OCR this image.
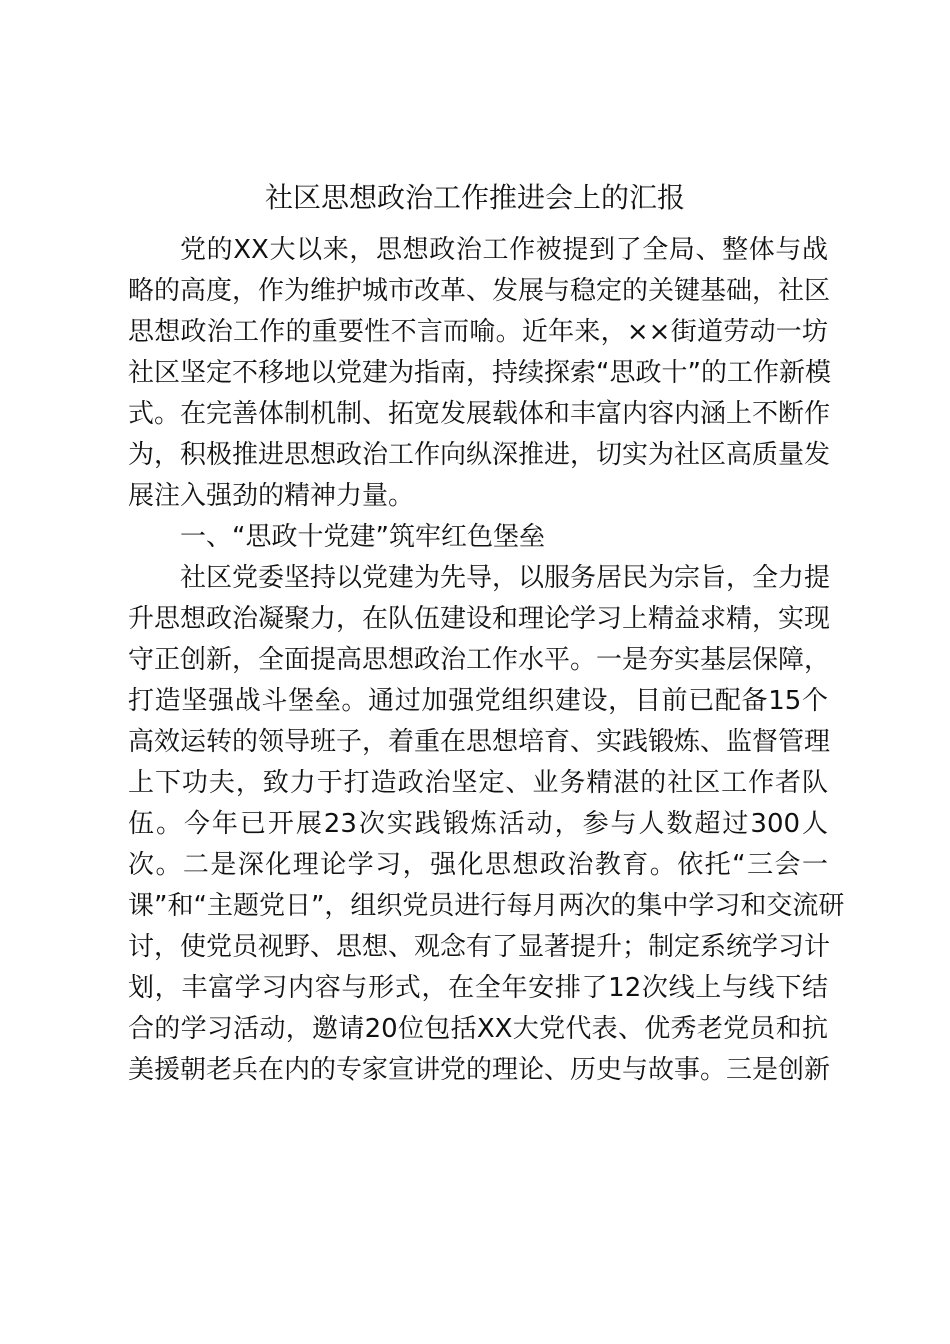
社区思想政治工作推进会上的汇报
党的XX大以来，思想政治工作被提到了全局、整体与战
略的高度，作为维护城市改革、发展与稳定的关键基础，社区
思想政治工作的重要性不言而喻。近年来，××街道劳动一坊
社区坚定不移地以党建为指南，持续探索“思政十”的工作新模
式。在完善体制机制、拓宽发展载体和丰富内容内涵上不断作
为，积极推进思想政治工作向纵深推进，切实为社区高质量发
展注入强劲的精神力量。
一、“思政十党建”筑牢红色堡垒
社区党委坚持以党建为先导，以服务居民为宗旨，全力提
升思想政治凝聚力，在队伍建设和理论学习上精益求精，实现
守正创新，全面提高思想政治工作水平。一是夯实基层保障，
打造坚强战斗堡垒。通过加强党组织建设，目前已配备15个
高效运转的领导班子，着重在思想培育、实践锻炼、监督管理
上下功夫，致力于打造政治坚定、业务精湛的社区工作者队
伍。今年已开展23次实践锻炼活动，参与人数超过300人
次。二是深化理论学习，强化思想政治教育。依托“三会一
课”和“主题党日”，组织党员进行每月两次的集中学习和交流研
讨，使党员视野、思想、观念有了显著提升；制定系统学习计
划，丰富学习内容与形式，在全年安排了12次线上与线下结
合的学习活动，邀请20位包括XX大党代表、优秀老党员和抗
美援朝老兵在内的专家宣讲党的理论、历史与故事。三是创新
